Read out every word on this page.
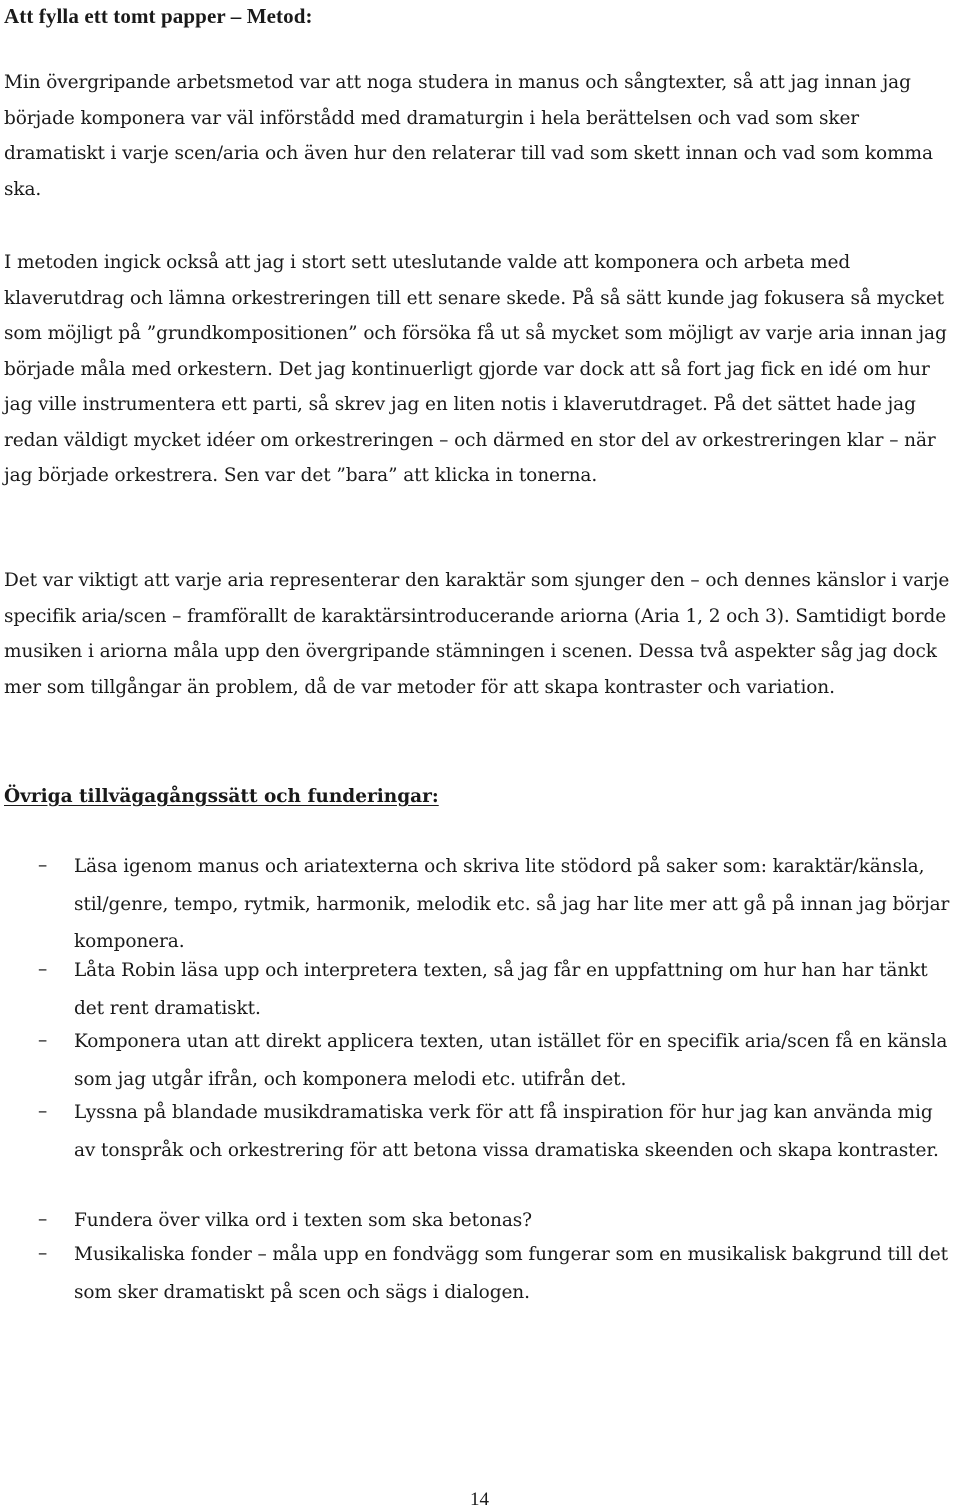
Att fylla ett tomt papper – Metod:

Min övergripande arbetsmetod var att noga studera in manus och sångtexter, så att jag innan jag började komponera var väl införstådd med dramaturgin i hela berättelsen och vad som sker dramatiskt i varje scen/aria och även hur den relaterar till vad som skett innan och vad som komma ska.

I metoden ingick också att jag i stort sett uteslutande valde att komponera och arbeta med klaverutdrag och lämna orkestreringen till ett senare skede. På så sätt kunde jag fokusera så mycket som möjligt på ”grundkompositionen” och försöka få ut så mycket som möjligt av varje aria innan jag började måla med orkestern. Det jag kontinuerligt gjorde var dock att så fort jag fick en idé om hur jag ville instrumentera ett parti, så skrev jag en liten notis i klaverutdraget. På det sättet hade jag redan väldigt mycket idéer om orkestreringen – och därmed en stor del av orkestreringen klar – när jag började orkestrera. Sen var det ”bara” att klicka in tonerna.

Det var viktigt att varje aria representerar den karaktär som sjunger den – och dennes känslor i varje specifik aria/scen – framförallt de karaktärsintroducerande ariorna (Aria 1, 2 och 3). Samtidigt borde musiken i ariorna måla upp den övergripande stämningen i scenen. Dessa två aspekter såg jag dock mer som tillgångar än problem, då de var metoder för att skapa kontraster och variation.

Övriga tillvägagångssätt och funderingar:
– Läsa igenom manus och ariatexterna och skriva lite stödord på saker som: karaktär/känsla, stil/genre, tempo, rytmik, harmonik, melodik etc. så jag har lite mer att gå på innan jag börjar komponera.

– Låta Robin läsa upp och interpretera texten, så jag får en uppfattning om hur han har tänkt det rent dramatiskt.

– Komponera utan att direkt applicera texten, utan istället för en specifik aria/scen få en känsla som jag utgår ifrån, och komponera melodi etc. utifrån det.

– Lyssna på blandade musikdramatiska verk för att få inspiration för hur jag kan använda mig av tonspråk och orkestrering för att betona vissa dramatiska skeenden och skapa kontraster.

– Fundera över vilka ord i texten som ska betonas?

– Musikaliska fonder – måla upp en fondvägg som fungerar som en musikalisk bakgrund till det som sker dramatiskt på scen och sägs i dialogen.

14
